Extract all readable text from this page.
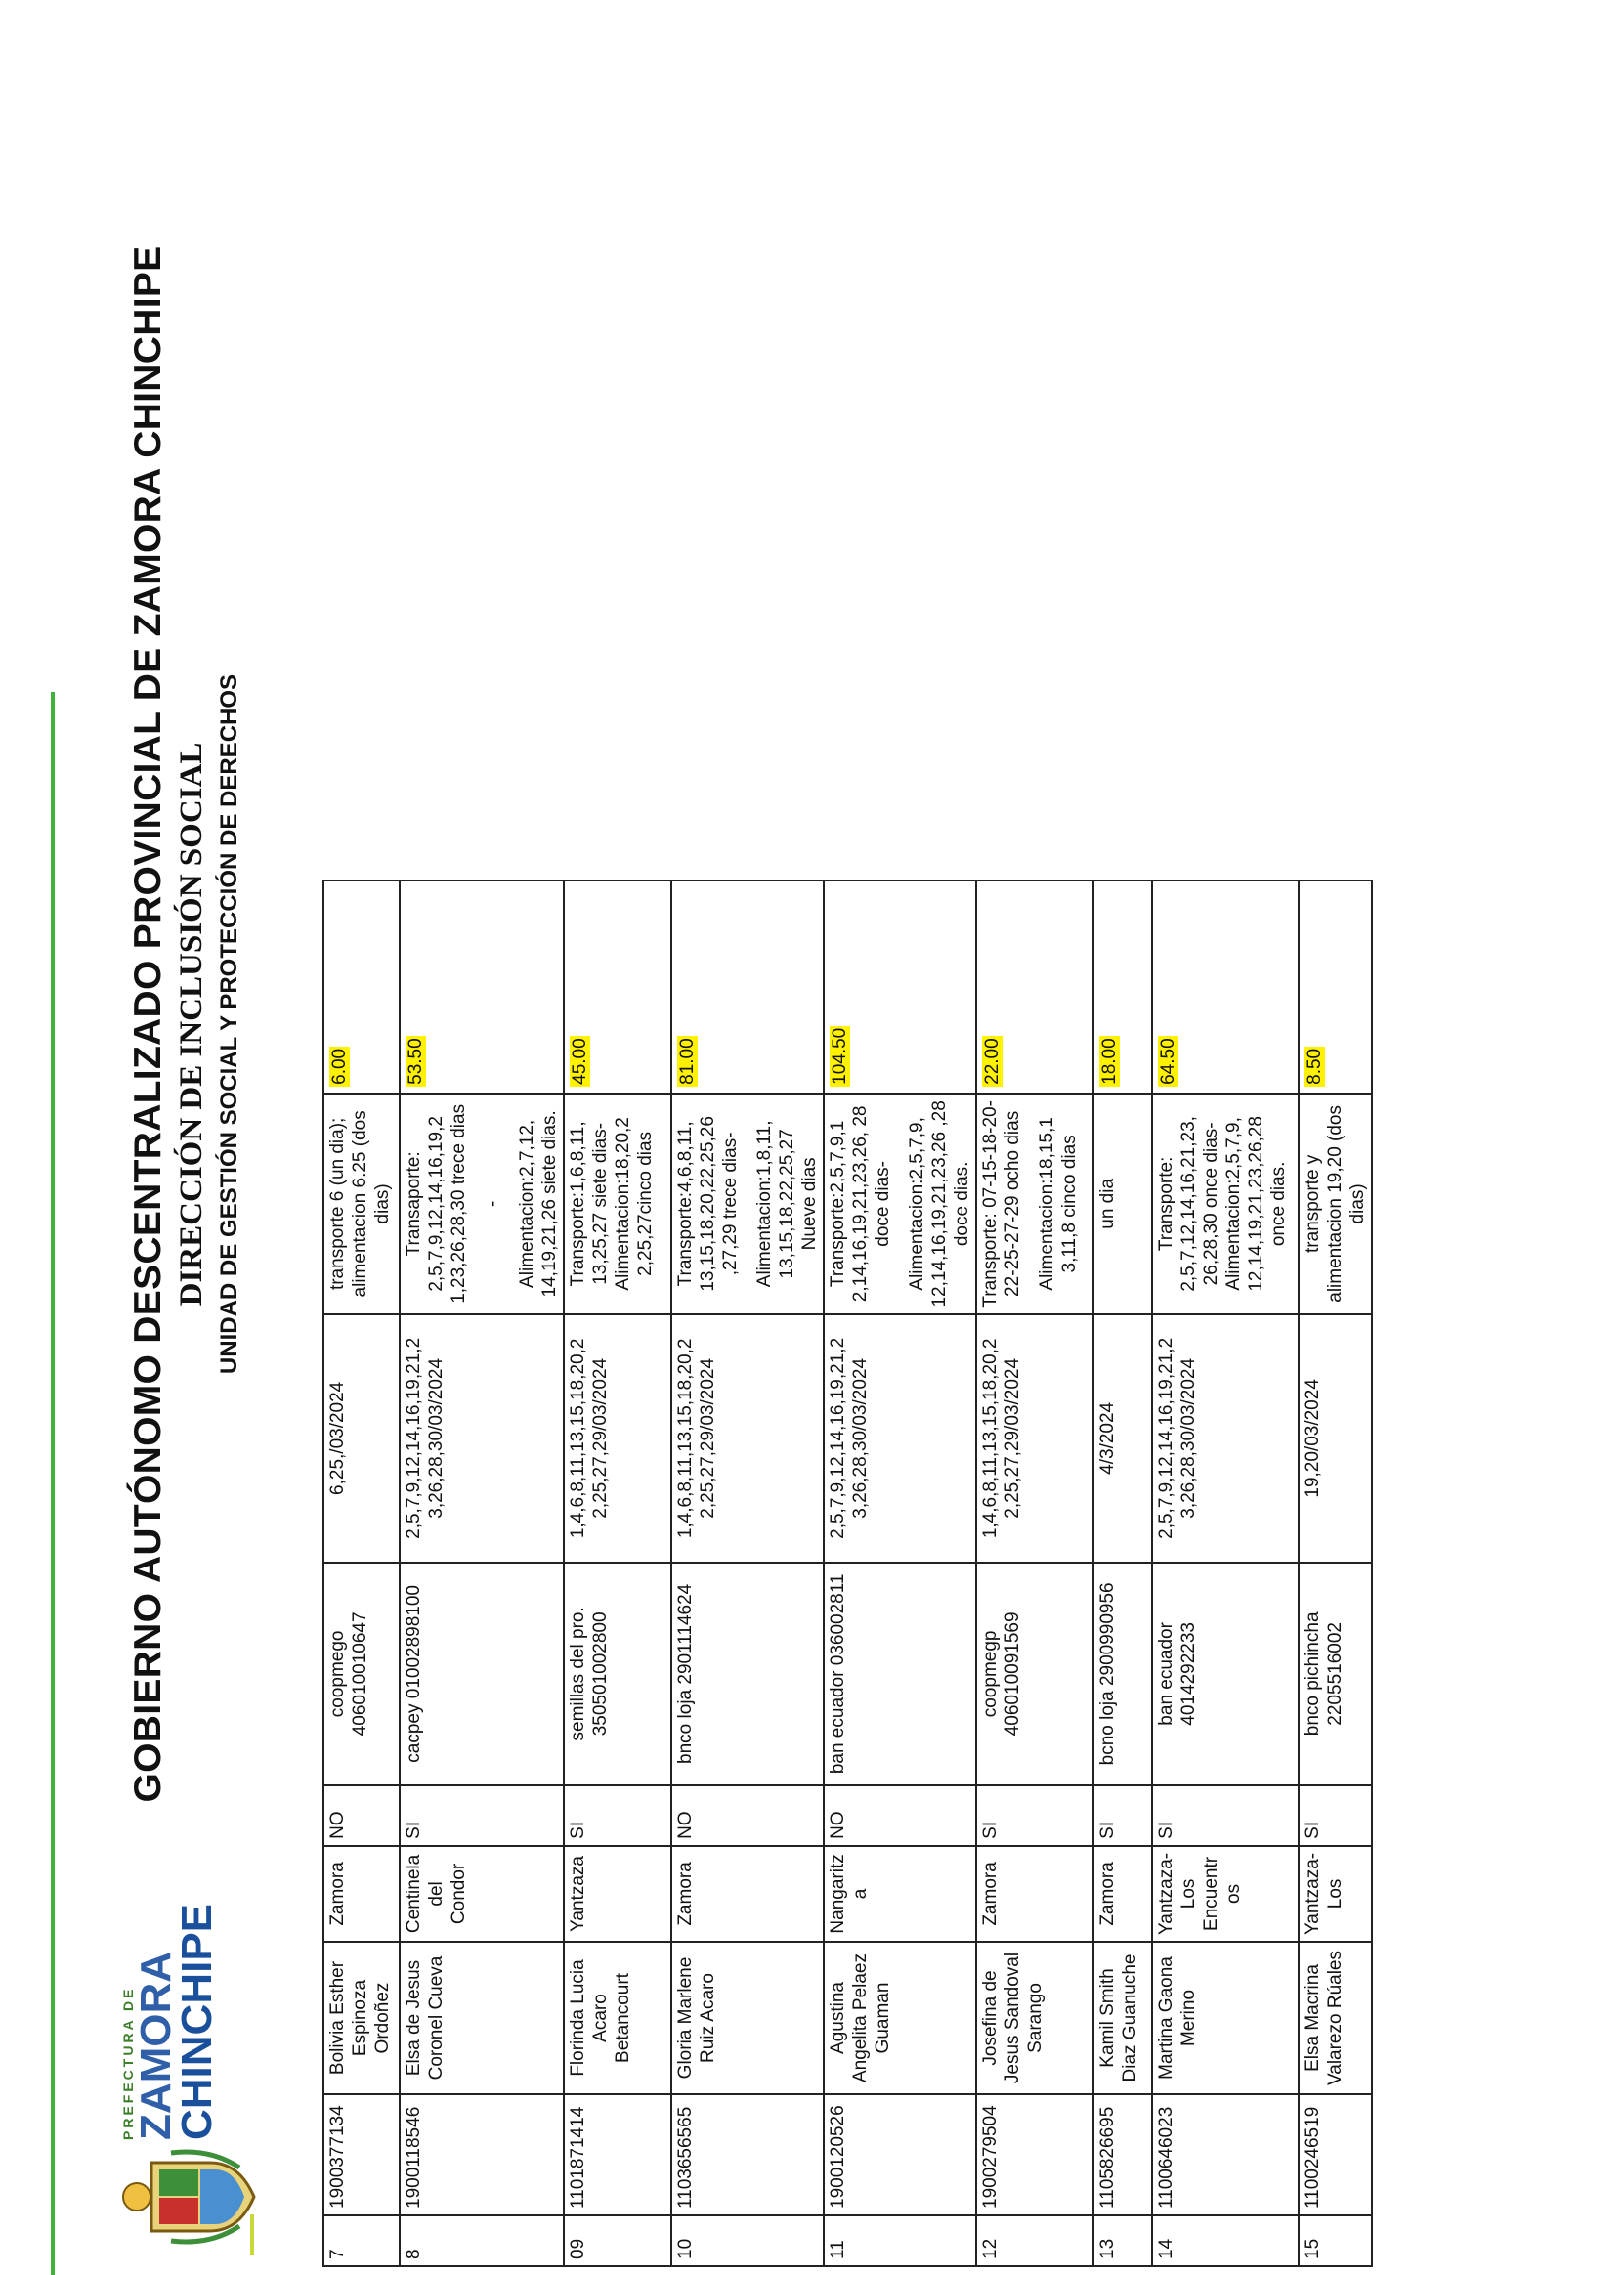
PREFECTURA DE
ZAMORA
CHINCHIPE
GOBIERNO AUTÓNOMO DESCENTRALIZADO PROVINCIAL DE ZAMORA CHINCHIPE DIRECCIÓN DE INCLUSIÓN SOCIAL UNIDAD DE GESTIÓN SOCIAL Y PROTECCIÓN DE DERECHOS
7	1900377134	Bolivia Esther Espinoza Ordoñez	Zamora	NO	coopmego 406010010647	6,25,/03/2024	transporte 6 (un dia); alimentacion 6.25 (dos dias)	6.00
8	1900118546	Elsa de Jesus Coronel Cueva	Centinela del Condor	SI	cacpey 01002898100	2,5,7,9,12,14,16,19,21,2 3,26,28,30/03/2024	Transaporte: 2,5,7,9,12,14,16,19,2 1,23,26,28,30 trece dias - Alimentacion:2,7,12, 14,19,21,26 siete dias.	53.50
09	1101871414	Florinda Lucia Acaro Betancourt	Yantzaza	SI	semillas del pro. 35050100280​0	1,4,6,8,11,13,15,18,20,2 2,25,27,29/03/2024	Transporte:1,6,8,11, 13,25,27 siete dias-Alimentacion:18,20,2 2,25,27cinco dias	45.00
10	1103656565	Gloria Marlene Ruiz Acaro	Zamora	NO	bnco loja 2901114624	1,4,6,8,11,13,15,18,20,2 2,25,27,29/03/2024	Transporte:4,6,8,11, 13,15,18,20,22,25,26 ,27,29 trece dias- Alimentacion:1,8,11, 13,15,18,22,25,27 Nueve dias	81.00
11	1900120526	Agustina Angelita Pelaez Guaman	Nangaritz a	NO	ban ecuador 036002811	2,5,7,9,12,14,16,19,21,2 3,26,28,30/03/2024	Transporte:2,5,7,9,1 2,14,16,19,21,23,26, 28 doce dias- Alimentacion:2,5,7,9, 12,14,16,19,21,23,26 ,28 doce dias.	104.50
12	1900279504	Josefina de Jesus Sandoval Sarango	Zamora	SI	coopmegp 406010091569	1,4,6,8,11,13,15,18,20,2 2,25,27,29/03/2024	Transporte: 07-15-18-20-22-25-27-29 ocho dias Alimentacion:18,15,1 3,11,8 cinco dias	22.00
13	1105826695	Kamil Smith Diaz Guanuche	Zamora	SI	bcno loja 2900990956	4/3/2024	un dia	18.00
14	1100646023	Martina Gaona Merino	Yantzaza-Los Encuentr os	SI	ban ecuador 4014292233	2,5,7,9,12,14,16,19,21,2 3,26,28,30/03/2024	Transporte: 2,5,7,12,14,16,21,23, 26,28,30 once dias-Alimentacion:2,5,7,9, 12,14,19,21,23,26,28 once dias.	64.50
15	1100246519	Elsa Macrina Valarezo Rúales	Yantzaza-Los	SI	bnco pichincha 2205516002	19,20/03/2024	transporte y alimentacion 19,20 (dos dias)	8.50
